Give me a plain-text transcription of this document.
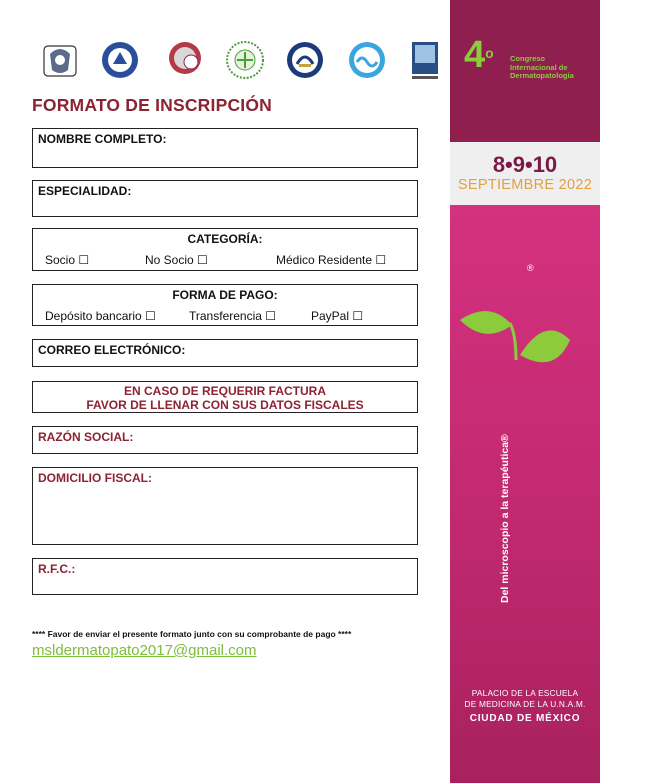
FORMATO DE INSCRIPCIÓN
NOMBRE COMPLETO:
ESPECIALIDAD:
CATEGORÍA:
Socio ☐	No Socio ☐	Médico Residente ☐
FORMA DE PAGO:
Depósito bancario ☐	Transferencia ☐	PayPal ☐
CORREO ELECTRÓNICO:
EN CASO DE REQUERIR FACTURA
FAVOR DE LLENAR CON SUS DATOS FISCALES
RAZÓN SOCIAL:
DOMICILIO FISCAL:
R.F.C.:
**** Favor de enviar el presente formato junto con su comprobante de pago ****
msldermatopato2017@gmail.com
4$^o$ Congreso
Internacional de
Dermatopatología
8•9•10
SEPTIEMBRE 2022
renage
®
Del microscopio a la terapéutica®
PALACIO DE LA ESCUELA
DE MEDICINA DE LA U.N.A.M.
CIUDAD DE MÉXICO
